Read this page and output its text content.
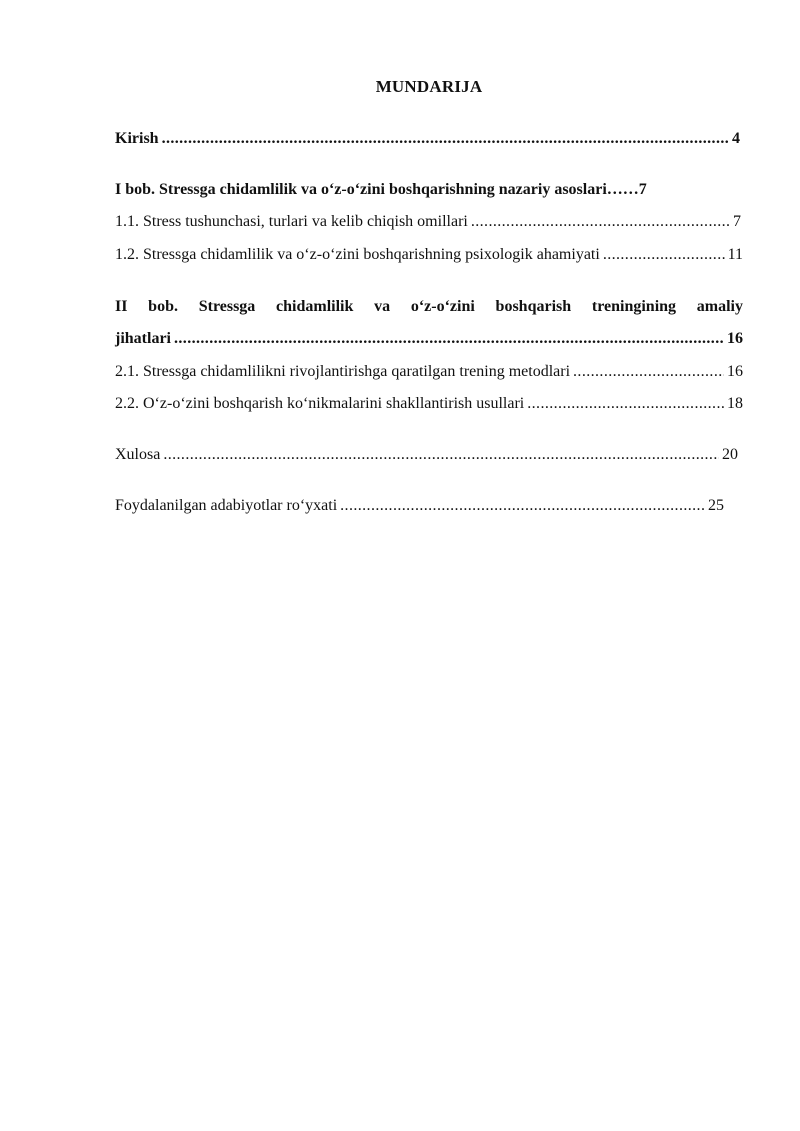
MUNDARIJA
Kirish .....	4
I bob. Stressga chidamlilik va o‘z-o‘zini boshqarishning nazariy asoslari…… 7
1.1. Stress tushunchasi, turlari va kelib chiqish omillari .....	7
1.2. Stressga chidamlilik va o‘z-o‘zini boshqarishning psixologik ahamiyati .....	11
II bob. Stressga chidamlilik va o‘z-o‘zini boshqarish treningining amaliy
jihatlari .....	16
2.1. Stressga chidamlilikni rivojlantirishga qaratilgan trening metodlari .....	16
2.2. O‘z-o‘zini boshqarish ko‘nikmalarini shakllantirish usullari .....	18
Xulosa .....	20
Foydalanilgan adabiyotlar ro‘yxati .....	25
